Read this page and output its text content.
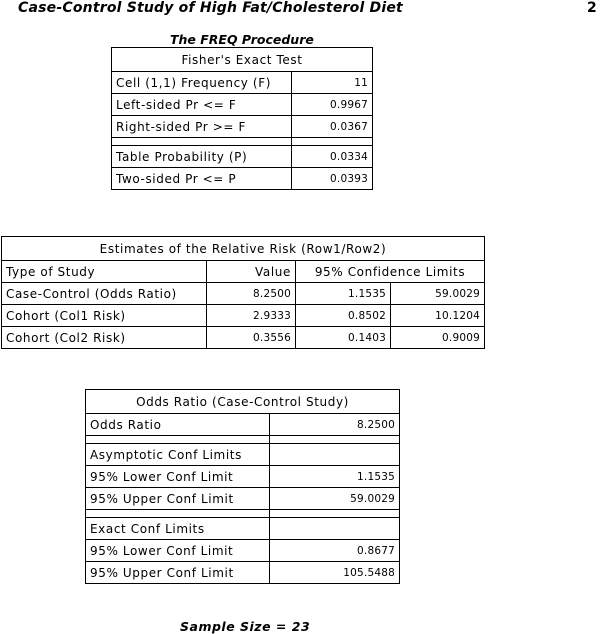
Case-Control Study of High Fat/Cholesterol Diet	2
The FREQ Procedure
Fisher's Exact Test	
Cell (1,1) Frequency (F)	11
Left-sided Pr <= F	0.9967
Right-sided Pr >= F	0.0367

Table Probability (P)	0.0334
Two-sided Pr <= P	0.0393
Estimates of the Relative Risk (Row1/Row2)			
Type of Study	Value	95% Confidence Limits	
Case-Control (Odds Ratio)	8.2500	1.1535	59.0029
Cohort (Col1 Risk)	2.9333	0.8502	10.1204
Cohort (Col2 Risk)	0.3556	0.1403	0.9009
Odds Ratio (Case-Control Study)	
Odds Ratio	8.2500

Asymptotic Conf Limits	
95% Lower Conf Limit	1.1535
95% Upper Conf Limit	59.0029

Exact Conf Limits	
95% Lower Conf Limit	0.8677
95% Upper Conf Limit	105.5488
Sample Size = 23
